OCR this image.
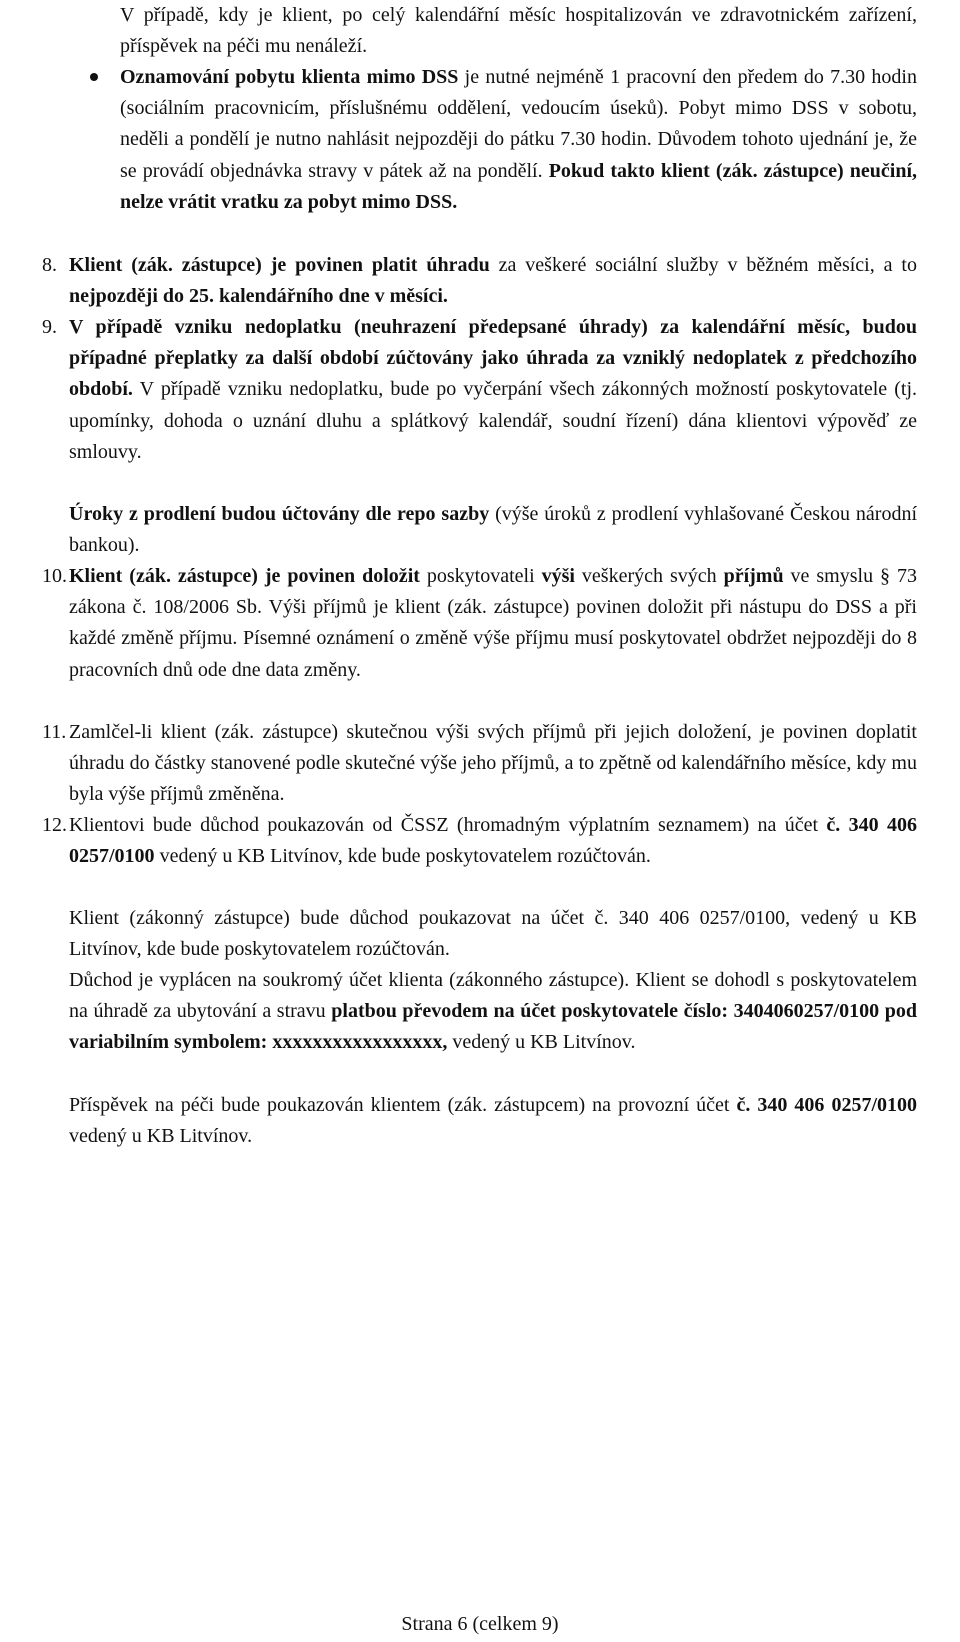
V případě, kdy je klient, po celý kalendářní měsíc hospitalizován ve zdravotnickém zařízení, příspěvek na péči mu nenáleží.
Oznamování pobytu klienta mimo DSS je nutné nejméně 1 pracovní den předem do 7.30 hodin (sociálním pracovnicím, příslušnému oddělení, vedoucím úseků). Pobyt mimo DSS v sobotu, neděli a pondělí je nutno nahlásit nejpozději do pátku 7.30 hodin. Důvodem tohoto ujednání je, že se provádí objednávka stravy v pátek až na pondělí. Pokud takto klient (zák. zástupce) neučiní, nelze vrátit vratku za pobyt mimo DSS.
8. Klient (zák. zástupce) je povinen platit úhradu za veškeré sociální služby v běžném měsíci, a to nejpozději do 25. kalendářního dne v měsíci.
9. V případě vzniku nedoplatku (neuhrazení předepsané úhrady) za kalendářní měsíc, budou případné přeplatky za další období zúčtovány jako úhrada za vzniklý nedoplatek z předchozího období. V případě vzniku nedoplatku, bude po vyčerpání všech zákonných možností poskytovatele (tj. upomínky, dohoda o uznání dluhu a splátkový kalendář, soudní řízení) dána klientovi výpověď ze smlouvy.
Úroky z prodlení budou účtovány dle repo sazby (výše úroků z prodlení vyhlašované Českou národní bankou).
10. Klient (zák. zástupce) je povinen doložit poskytovateli výši veškerých svých příjmů ve smyslu § 73 zákona č. 108/2006 Sb. Výši příjmů je klient (zák. zástupce) povinen doložit při nástupu do DSS a při každé změně příjmu. Písemné oznámení o změně výše příjmu musí poskytovatel obdržet nejpozději do 8 pracovních dnů ode dne data změny.
11. Zamlčel-li klient (zák. zástupce) skutečnou výši svých příjmů při jejich doložení, je povinen doplatit úhradu do částky stanovené podle skutečné výše jeho příjmů, a to zpětně od kalendářního měsíce, kdy mu byla výše příjmů změněna.
12. Klientovi bude důchod poukazován od ČSSZ (hromadným výplatním seznamem) na účet č. 340 406 0257/0100 vedený u KB Litvínov, kde bude poskytovatelem rozúčtován.
Klient (zákonný zástupce) bude důchod poukazovat na účet č. 340 406 0257/0100, vedený u KB Litvínov, kde bude poskytovatelem rozúčtován.
Důchod je vyplácen na soukromý účet klienta (zákonného zástupce). Klient se dohodl s poskytovatelem na úhradě za ubytování a stravu platbou převodem na účet poskytovatele číslo: 3404060257/0100 pod variabilním symbolem: xxxxxxxxxxxxxxxxx, vedený u KB Litvínov.
Příspěvek na péči bude poukazován klientem (zák. zástupcem) na provozní účet č. 340 406 0257/0100 vedený u KB Litvínov.
Strana 6 (celkem 9)
